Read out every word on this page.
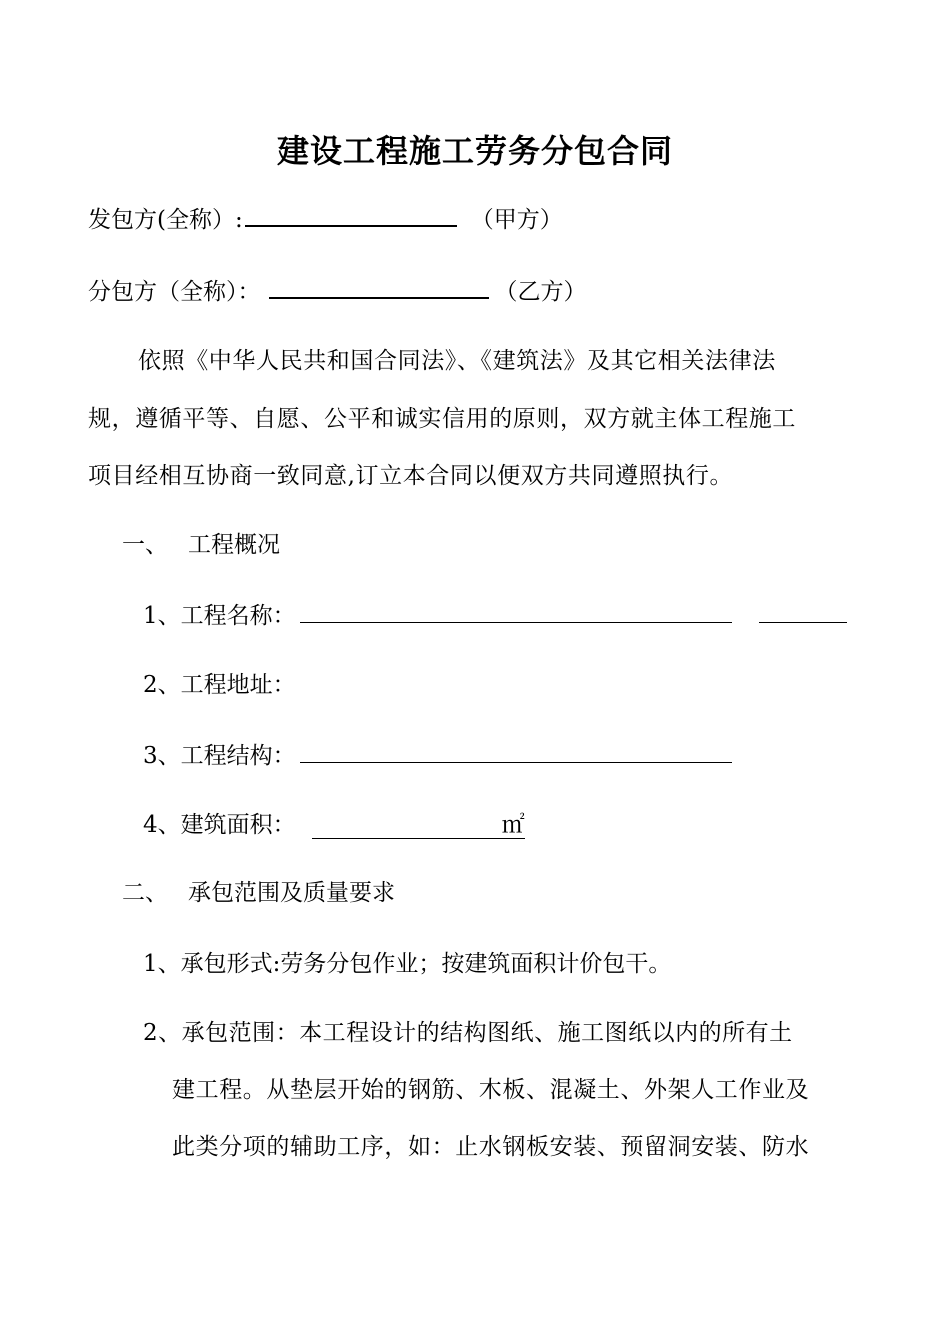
建设工程施工劳务分包合同
发包方(全称）:	（甲方）
分包方（全称）：	（乙方）
依照《中华人民共和国合同法》、《建筑法》及其它相关法律法
规，遵循平等、自愿、公平和诚实信用的原则，双方就主体工程施工
项目经相互协商一致同意,订立本合同以便双方共同遵照执行。
一、 工程概况
1、工程名称：
2、工程地址：
3、工程结构：
4、建筑面积：	㎡
二、 承包范围及质量要求
1、承包形式:劳务分包作业；按建筑面积计价包干。
2、承包范围：本工程设计的结构图纸、施工图纸以内的所有土
建工程。从垫层开始的钢筋、木板、混凝土、外架人工作业及
此类分项的辅助工序，如：止水钢板安装、预留洞安装、防水
